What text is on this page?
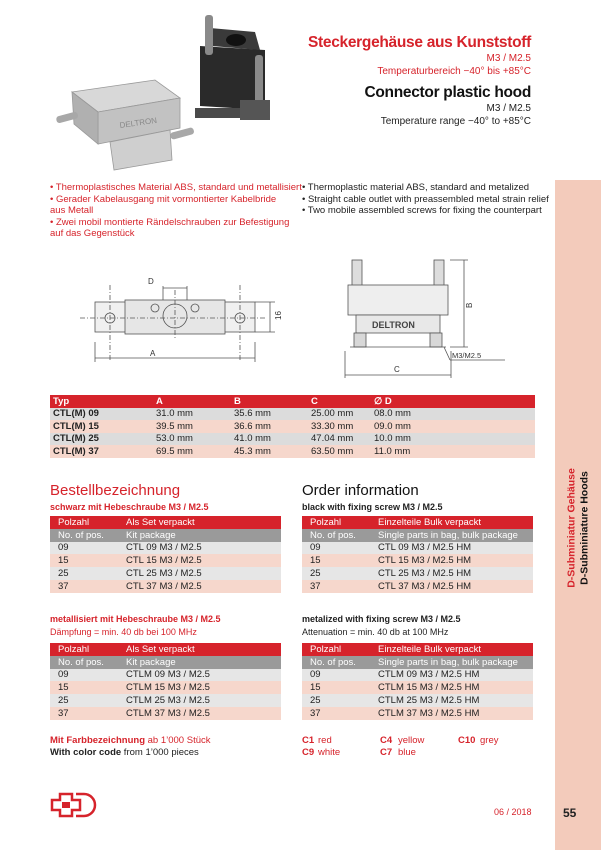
DELTRON
Steckergehäuse aus Kunststoff
M3 / M2.5
Temperaturbereich −40° bis +85°C
Connector plastic hood
M3 / M2.5
Temperature range −40° to +85°C
• Thermoplastisches Material ABS, standard und metallisiert
• Gerader Kabelausgang mit vormontierter Kabelbride
aus Metall
• Zwei mobil montierte Rändelschrauben zur Befestigung
auf das Gegenstück
• Thermoplastic material ABS, standard and metalized
• Straight cable outlet with preassembled metal strain relief
• Two mobile assembled screws for fixing the counterpart
D
A
16
DELTRON
B
C
M3/M2.5
Typ	A	B	C	∅ D
CTL(M) 09	31.0 mm	35.6 mm	25.00 mm	08.0 mm
CTL(M) 15	39.5 mm	36.6 mm	33.30 mm	09.0 mm
CTL(M) 25	53.0 mm	41.0 mm	47.04 mm	10.0 mm
CTL(M) 37	69.5 mm	45.3 mm	63.50 mm	11.0 mm
Bestellbezeichnung
schwarz mit Hebeschraube M3 / M2.5
Polzahl	Als Set verpackt
No. of pos.	Kit package
09	CTL 09 M3 / M2.5
15	CTL 15 M3 / M2.5
25	CTL 25 M3 / M2.5
37	CTL 37 M3 / M2.5
metallisiert mit Hebeschraube M3 / M2.5
Dämpfung = min. 40 db bei 100 MHz
Polzahl	Als Set verpackt
No. of pos.	Kit package
09	CTLM 09 M3 / M2.5
15	CTLM 15 M3 / M2.5
25	CTLM 25 M3 / M2.5
37	CTLM 37 M3 / M2.5
Mit Farbbezeichnung ab 1’000 Stück
With color code from 1’000 pieces
Order information
black with fixing screw M3 / M2.5
Polzahl	Einzelteile Bulk verpackt
No. of pos.	Single parts in bag, bulk package
09	CTL 09 M3 / M2.5 HM
15	CTL 15 M3 / M2.5 HM
25	CTL 25 M3 / M2.5 HM
37	CTL 37 M3 / M2.5 HM
metalized with fixing screw M3 / M2.5
Attenuation = min. 40 db at 100 MHz
Polzahl	Einzelteile Bulk verpackt
No. of pos.	Single parts in bag, bulk package
09	CTLM 09 M3 / M2.5 HM
15	CTLM 15 M3 / M2.5 HM
25	CTLM 25 M3 / M2.5 HM
37	CTLM 37 M3 / M2.5 HM
C1 red	C4 yellow	C10 grey
C9 white	C7 blue
D-Subminiatur Gehäuse D-Subminiature Hoods
06 / 2018	55
